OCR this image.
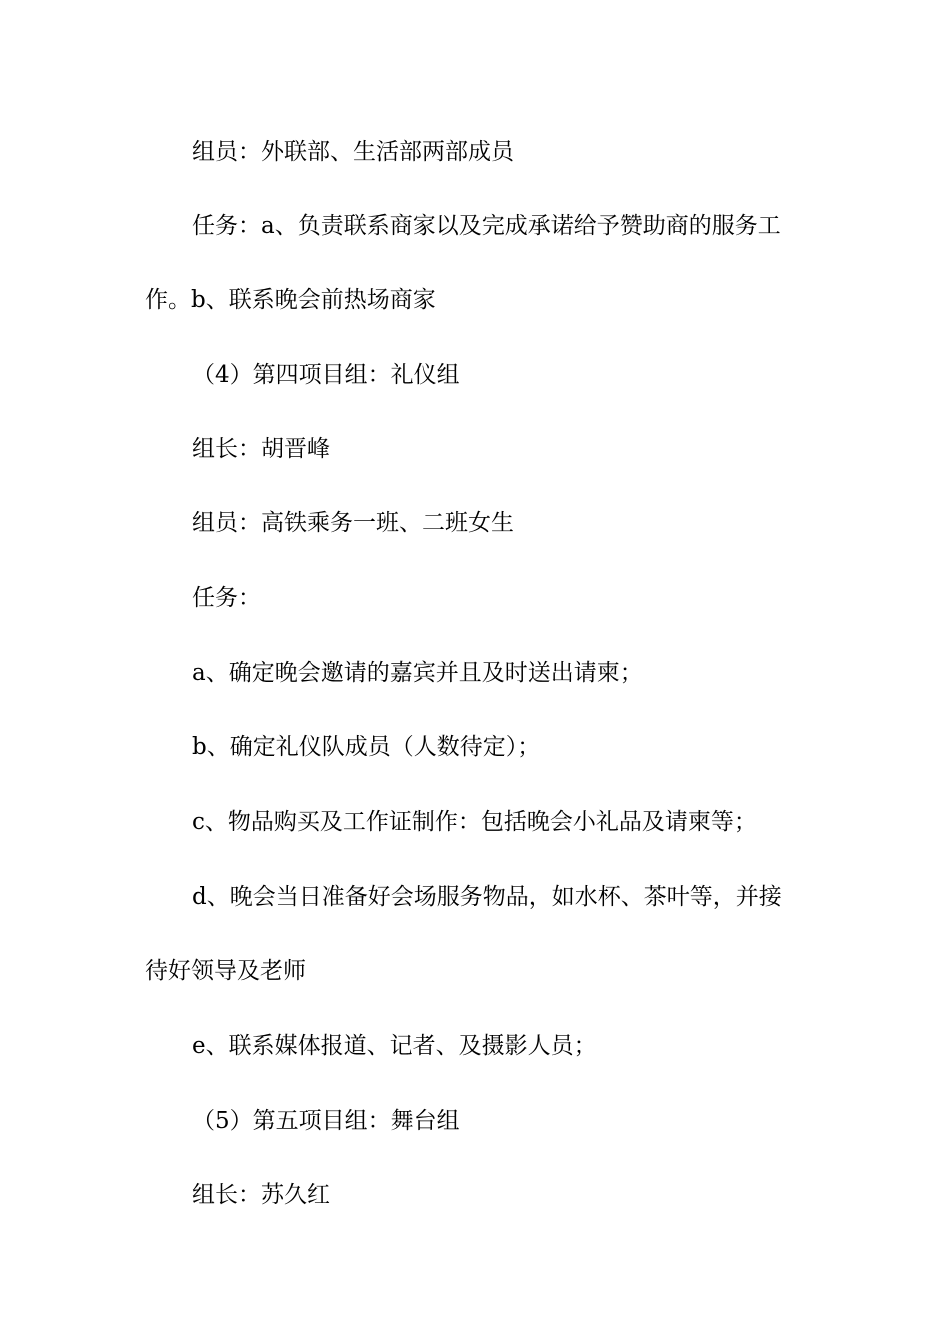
组员：外联部、生活部两部成员
任务：a、负责联系商家以及完成承诺给予赞助商的服务工
作。b、联系晚会前热场商家
（4）第四项目组：礼仪组
组长：胡晋峰
组员：高铁乘务一班、二班女生
任务：
a、确定晚会邀请的嘉宾并且及时送出请柬；
b、确定礼仪队成员（人数待定）；
c、物品购买及工作证制作：包括晚会小礼品及请柬等；
d、晚会当日准备好会场服务物品，如水杯、茶叶等，并接
待好领导及老师
e、联系媒体报道、记者、及摄影人员；
（5）第五项目组：舞台组
组长：苏久红
